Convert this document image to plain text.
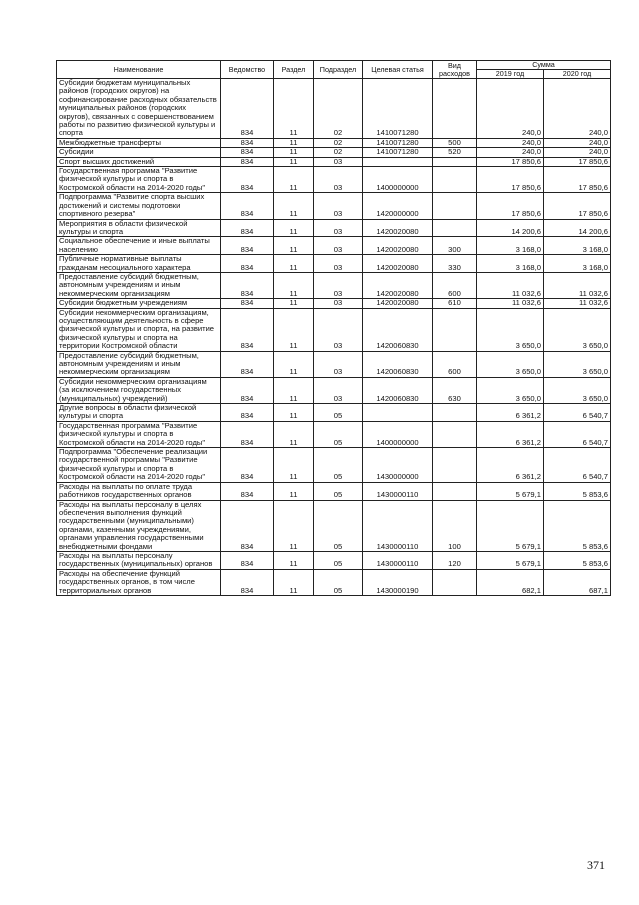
Наименование	Ведомство	Раздел	Подраздел	Целевая статья	Вид расходов	Сумма	
						2019 год	2020 год
Субсидии бюджетам муниципальных районов (городских округов) на софинансирование расходных обязательств муниципальных районов (городских округов), связанных с совершенствованием работы по развитию физической культуры и спорта	834	11	02	1410071280		240,0	240,0
Межбюджетные трансферты	834	11	02	1410071280	500	240,0	240,0
Субсидии	834	11	02	1410071280	520	240,0	240,0
Спорт высших достижений	834	11	03			17 850,6	17 850,6
Государственная программа "Развитие физической культуры и спорта в Костромской области на 2014-2020 годы"	834	11	03	1400000000		17 850,6	17 850,6
Подпрограмма "Развитие спорта высших достижений и системы подготовки спортивного резерва"	834	11	03	1420000000		17 850,6	17 850,6
Мероприятия в области физической культуры и спорта	834	11	03	1420020080		14 200,6	14 200,6
Социальное обеспечение и иные выплаты населению	834	11	03	1420020080	300	3 168,0	3 168,0
Публичные нормативные выплаты гражданам несоциального характера	834	11	03	1420020080	330	3 168,0	3 168,0
Предоставление субсидий бюджетным, автономным учреждениям и иным некоммерческим организациям	834	11	03	1420020080	600	11 032,6	11 032,6
Субсидии бюджетным учреждениям	834	11	03	1420020080	610	11 032,6	11 032,6
Субсидии некоммерческим организациям, осуществляющим деятельность в сфере физической культуры и спорта, на развитие физической культуры и спорта на территории Костромской области	834	11	03	1420060830		3 650,0	3 650,0
Предоставление субсидий бюджетным, автономным учреждениям и иным некоммерческим организациям	834	11	03	1420060830	600	3 650,0	3 650,0
Субсидии некоммерческим организациям (за исключением государственных (муниципальных) учреждений)	834	11	03	1420060830	630	3 650,0	3 650,0
Другие вопросы в области физической культуры и спорта	834	11	05			6 361,2	6 540,7
Государственная программа "Развитие физической культуры и спорта в Костромской области на 2014-2020 годы"	834	11	05	1400000000		6 361,2	6 540,7
Подпрограмма "Обеспечение реализации государственной программы "Развитие физической культуры и спорта в Костромской области на 2014-2020 годы"	834	11	05	1430000000		6 361,2	6 540,7
Расходы на выплаты по оплате труда работников государственных органов	834	11	05	1430000110		5 679,1	5 853,6
Расходы на выплаты персоналу в целях обеспечения выполнения функций государственными (муниципальными) органами, казенными учреждениями, органами управления государственными внебюджетными фондами	834	11	05	1430000110	100	5 679,1	5 853,6
Расходы на выплаты персоналу государственных (муниципальных) органов	834	11	05	1430000110	120	5 679,1	5 853,6
Расходы на обеспечение функций государственных органов, в том числе территориальных органов	834	11	05	1430000190		682,1	687,1
371
